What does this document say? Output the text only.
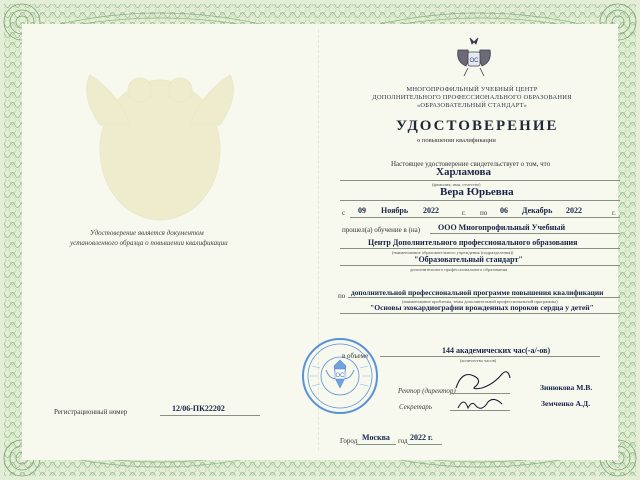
ОС
МНОГОПРОФИЛЬНЫЙ УЧЕБНЫЙ ЦЕНТР
ДОПОЛНИТЕЛЬНОГО ПРОФЕССИОНАЛЬНОГО ОБРАЗОВАНИЯ
«ОБРАЗОВАТЕЛЬНЫЙ СТАНДАРТ»
УДОСТОВЕРЕНИЕ
о повышении квалификации
Настоящее удостоверение свидетельствует о том, что
Харламова
(фамилия, имя, отчество)
Вера Юрьевна
с 09 Ноябрь 2022	г. по 06 Декабрь 2022	г.
прошел(а) обучение в (на) ООО Многопрофильный Учебный
Центр Дополнительного профессионального образования
(наименование образовательного учреждения (подразделения))
"Образовательный стандарт"
дополнительного профессионального образования
по дополнительной профессиональной программе повышения квалификации
(наименование проблемы, темы дополнительной профессиональной программы)
"Основы эхокардиографии врожденных пороков сердца у детей"
в объеме
144 академических час(-а/-ов)
(количество часов)
Ректор (директор)	Зинюкова М.В.
Секретарь	Земченко А.Д.
ОС
Удостоверение является документом
установленного образца о повышении квалификации
Регистрационный номер	12/06-ПК22202
Город Москва год 2022 г.
